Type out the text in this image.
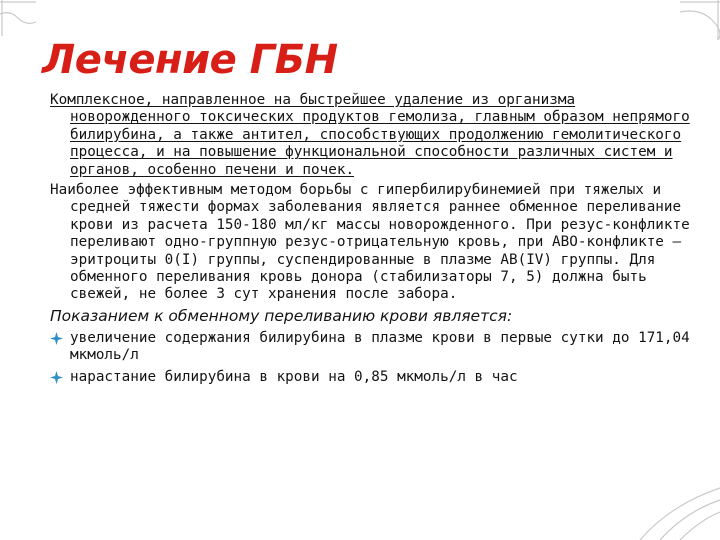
Лечение ГБН

Комплексное, направленное на быстрейшее удаление из организма новорожденного токсических продуктов гемолиза, главным образом непрямого билирубина, а также антител, способствующих продолжению гемолитического процесса, и на повышение функциональной способности различных систем и органов, особенно печени и почек.

Наиболее эффективным методом борьбы с гипербилирубинемией при тяжелых и средней тяжести формах заболевания является раннее обменное переливание крови из расчета 150-180 мл/кг массы новорожденного. При резус-конфликте переливают одно-группную резус-отрицательную кровь, при АВО-конфликте — эритроциты 0(I) группы, суспендированные в плазме АВ(IV) группы. Для обменного переливания кровь донора (стабилизаторы 7, 5) должна быть свежей, не более 3 сут хранения после забора.

Показанием к обменному переливанию крови является:

увеличение содержания билирубина в плазме крови в первые сутки до 171,04 мкмоль/л
нарастание билирубина в крови на 0,85 мкмоль/л в час
